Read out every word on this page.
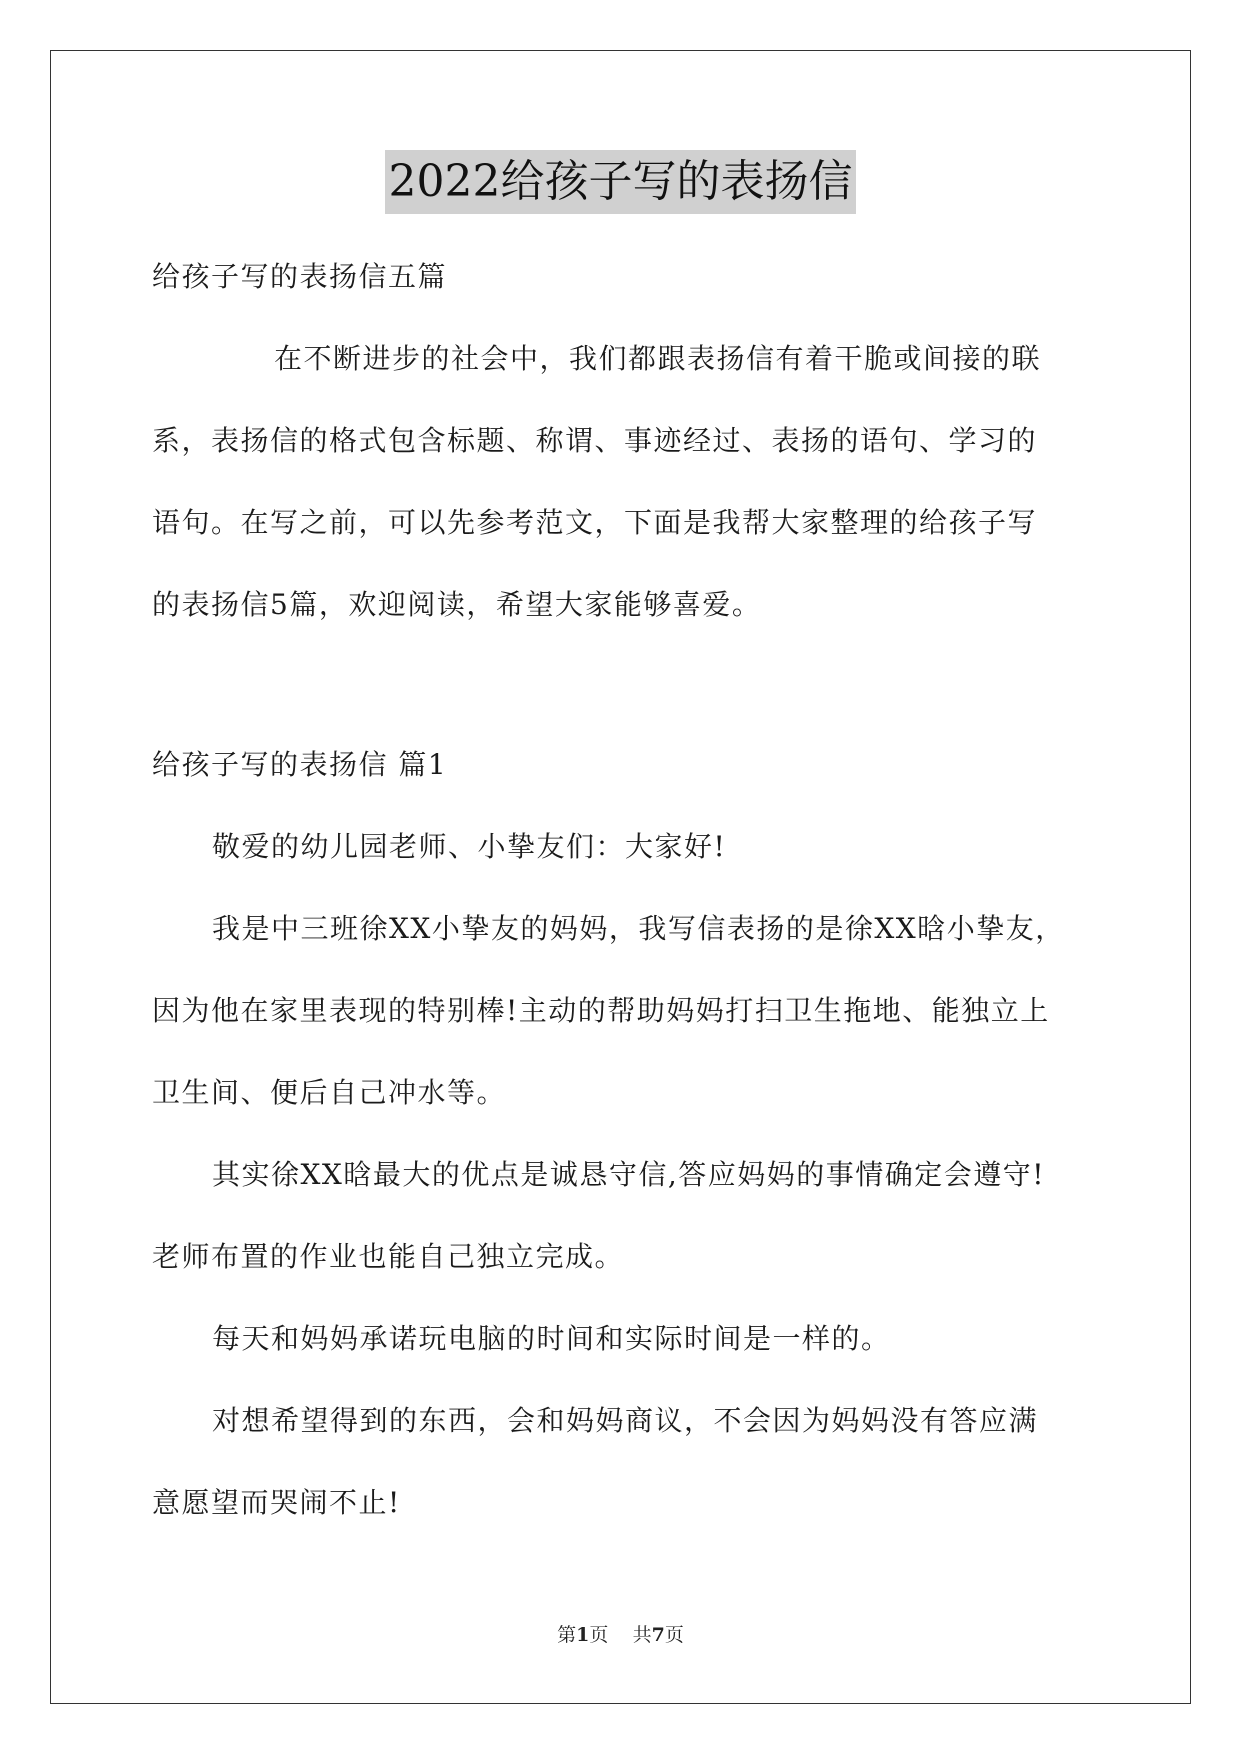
2022给孩子写的表扬信
给孩子写的表扬信五篇
在不断进步的社会中，我们都跟表扬信有着干脆或间接的联
系，表扬信的格式包含标题、称谓、事迹经过、表扬的语句、学习的
语句。在写之前，可以先参考范文，下面是我帮大家整理的给孩子写
的表扬信5篇，欢迎阅读，希望大家能够喜爱。
给孩子写的表扬信 篇1
敬爱的幼儿园老师、小挚友们：大家好!
我是中三班徐XX小挚友的妈妈，我写信表扬的是徐XX晗小挚友，
因为他在家里表现的特别棒!主动的帮助妈妈打扫卫生拖地、能独立上
卫生间、便后自己冲水等。
其实徐XX晗最大的优点是诚恳守信,答应妈妈的事情确定会遵守!
老师布置的作业也能自己独立完成。
每天和妈妈承诺玩电脑的时间和实际时间是一样的。
对想希望得到的东西，会和妈妈商议，不会因为妈妈没有答应满
意愿望而哭闹不止!
第1页 共7页
